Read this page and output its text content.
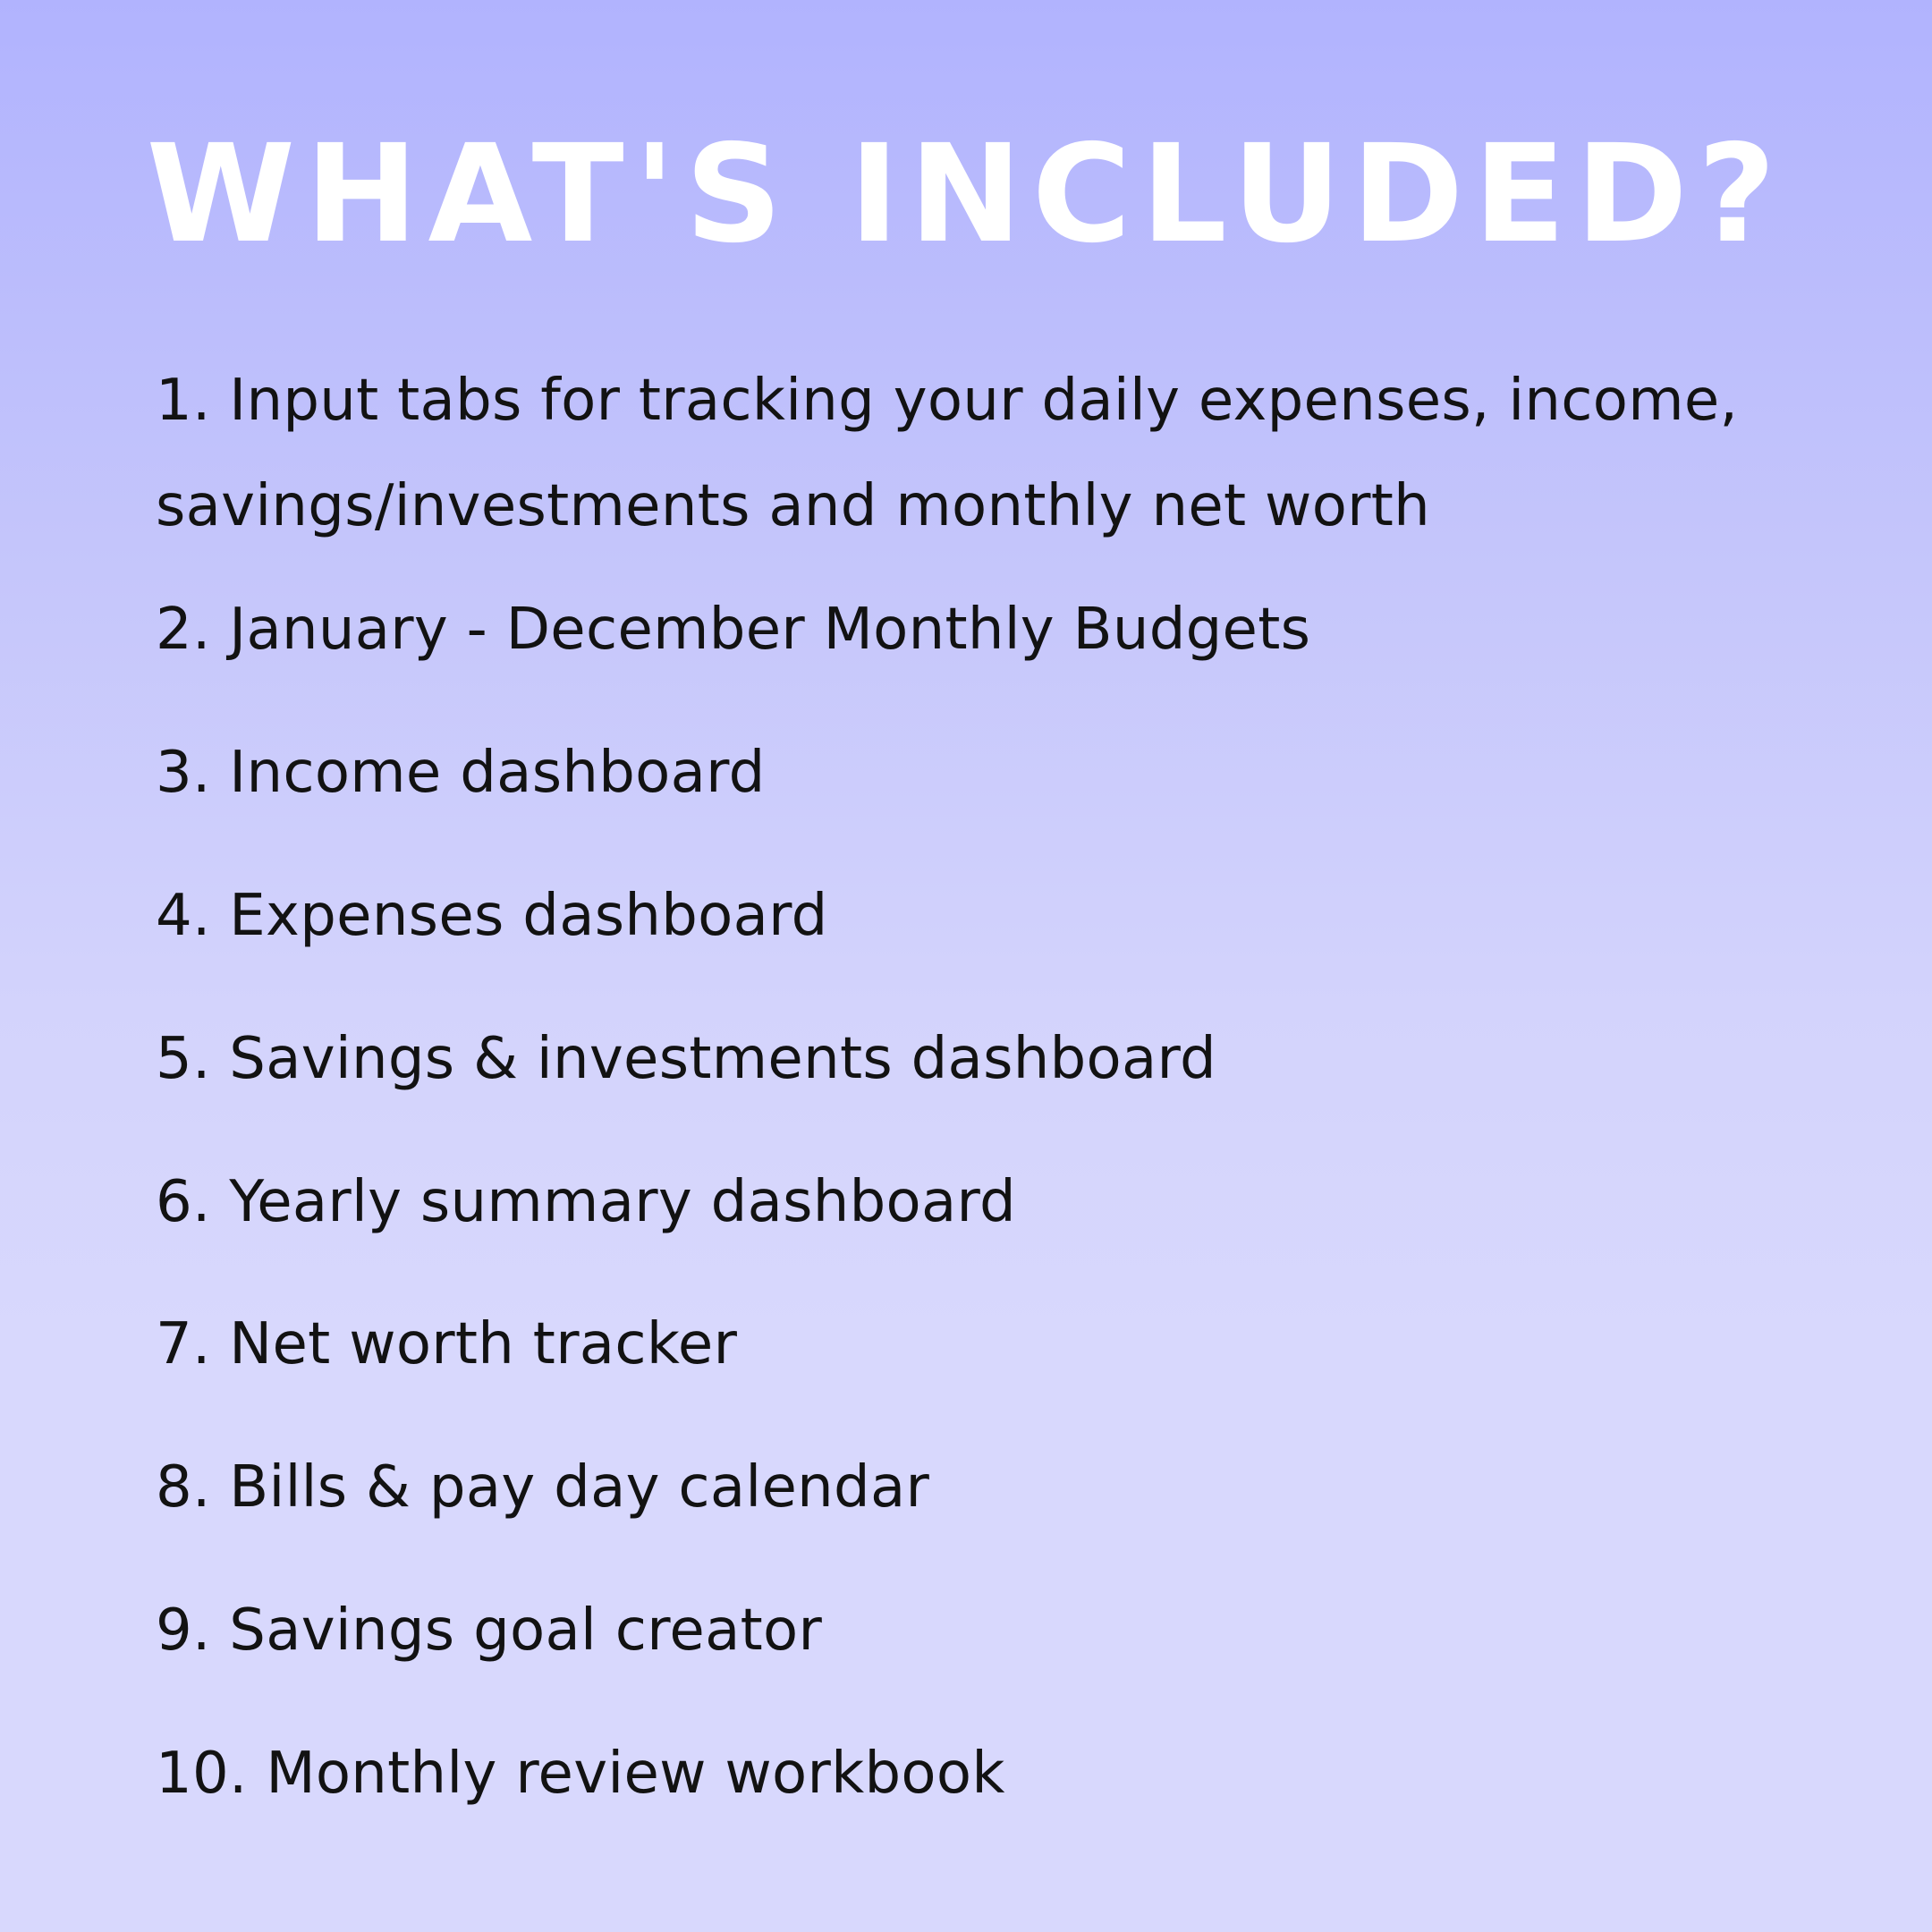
WHAT'S INCLUDED?
1. Input tabs for tracking your daily expenses, income, savings/investments and monthly net worth
2. January - December Monthly Budgets
3. Income dashboard
4. Expenses dashboard
5. Savings & investments dashboard
6. Yearly summary dashboard
7. Net worth tracker
8. Bills & pay day calendar
9. Savings goal creator
10. Monthly review workbook
